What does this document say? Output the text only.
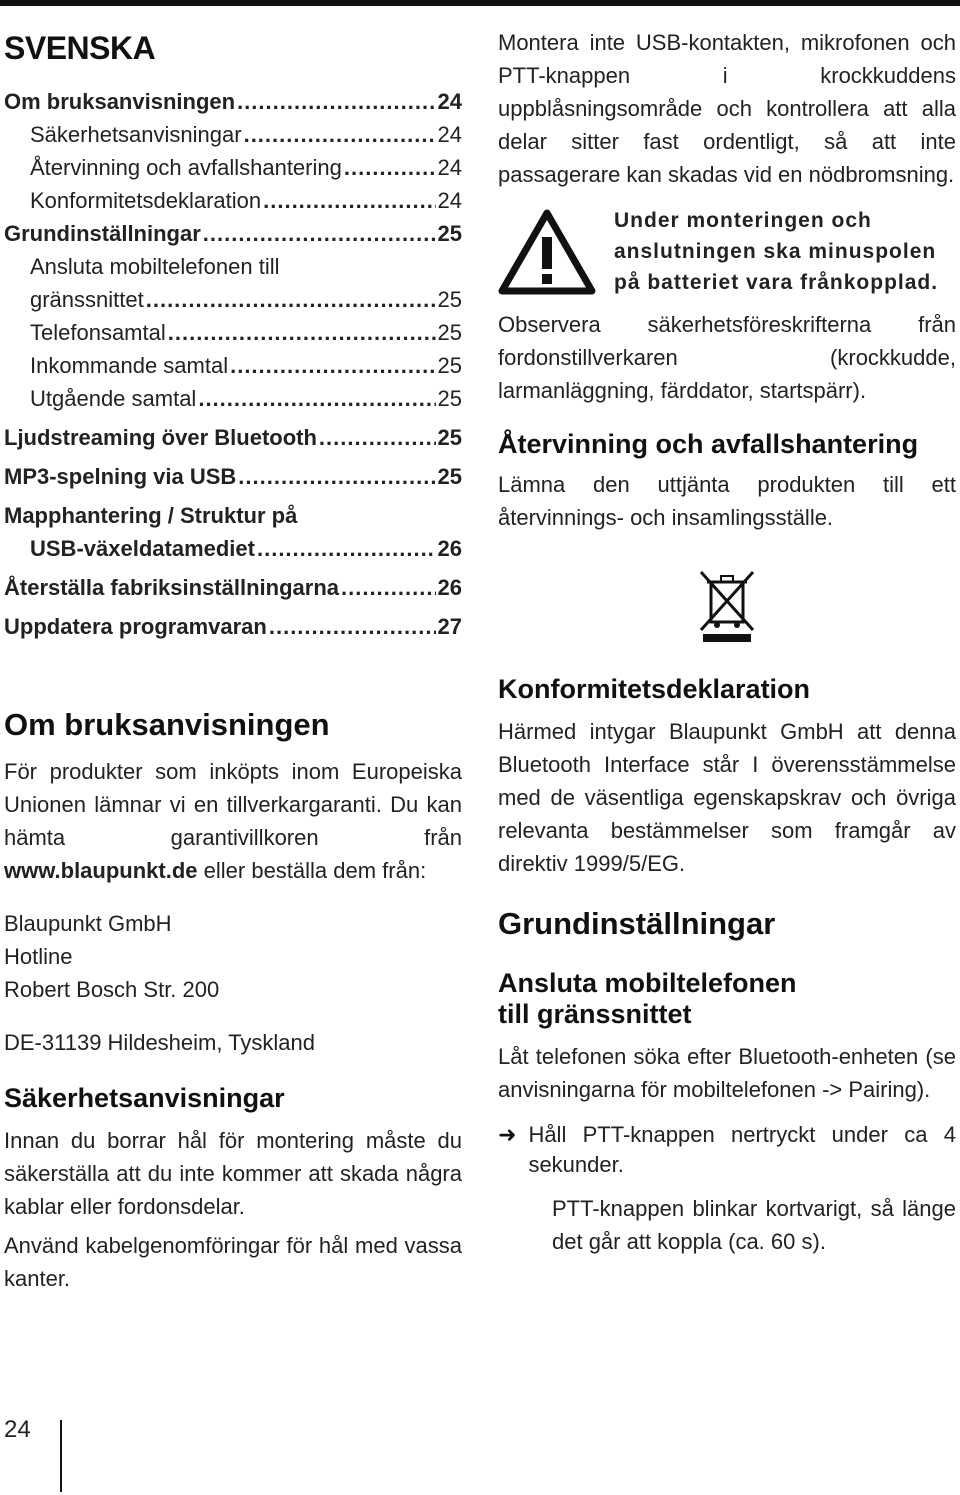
SVENSKA
Om bruksanvisningen .....	24
Säkerhetsanvisningar .....	24
Återvinning och avfallshantering .....	24
Konformitetsdeklaration .....	24
Grundinställningar .....	25
Ansluta mobiltelefonen till
gränssnittet .....	25
Telefonsamtal .....	25
Inkommande samtal .....	25
Utgående samtal .....	25
Ljudstreaming över Bluetooth .....	25
MP3-spelning via USB .....	25
Mapphantering / Struktur på
USB-växeldatamediet .....	26
Återställa fabriksinställningarna .....	26
Uppdatera programvaran .....	27
Om bruksanvisningen

För produkter som inköpts inom Europeiska Unionen lämnar vi en tillverkargaranti. Du kan hämta garantivillkoren från www.blaupunkt.de eller beställa dem från:

Blaupunkt GmbH
Hotline
Robert Bosch Str. 200
DE-31139 Hildesheim, Tyskland
Säkerhetsanvisningar

Innan du borrar hål för montering måste du säkerställa att du inte kommer att skada några kablar eller fordonsdelar.

Använd kabelgenomföringar för hål med vassa kanter.

Montera inte USB-kontakten, mikrofonen och PTT-knappen i krockkuddens uppblåsningsområde och kontrollera att alla delar sitter fast ordentligt, så att inte passagerare kan skadas vid en nödbromsning.

Under monteringen och anslutningen ska minuspolen på batteriet vara frånkopplad.

Observera säkerhetsföreskrifterna från fordonstillverkaren (krockkudde, larmanläggning, färddator, startspärr).

Återvinning och avfallshantering

Lämna den uttjänta produkten till ett återvinnings- och insamlingsställe.

Konformitetsdeklaration

Härmed intygar Blaupunkt GmbH att denna Bluetooth Interface står I överensstämmelse med de väsentliga egenskapskrav och övriga relevanta bestämmelser som framgår av direktiv 1999/5/EG.

Grundinställningar
Ansluta mobiltelefonen
till gränssnittet

Låt telefonen söka efter Bluetooth-enheten (se anvisningarna för mobiltelefonen -> Pairing).

➜ Håll PTT-knappen nertryckt under ca 4 sekunder.

PTT-knappen blinkar kortvarigt, så länge det går att koppla (ca. 60 s).

24
